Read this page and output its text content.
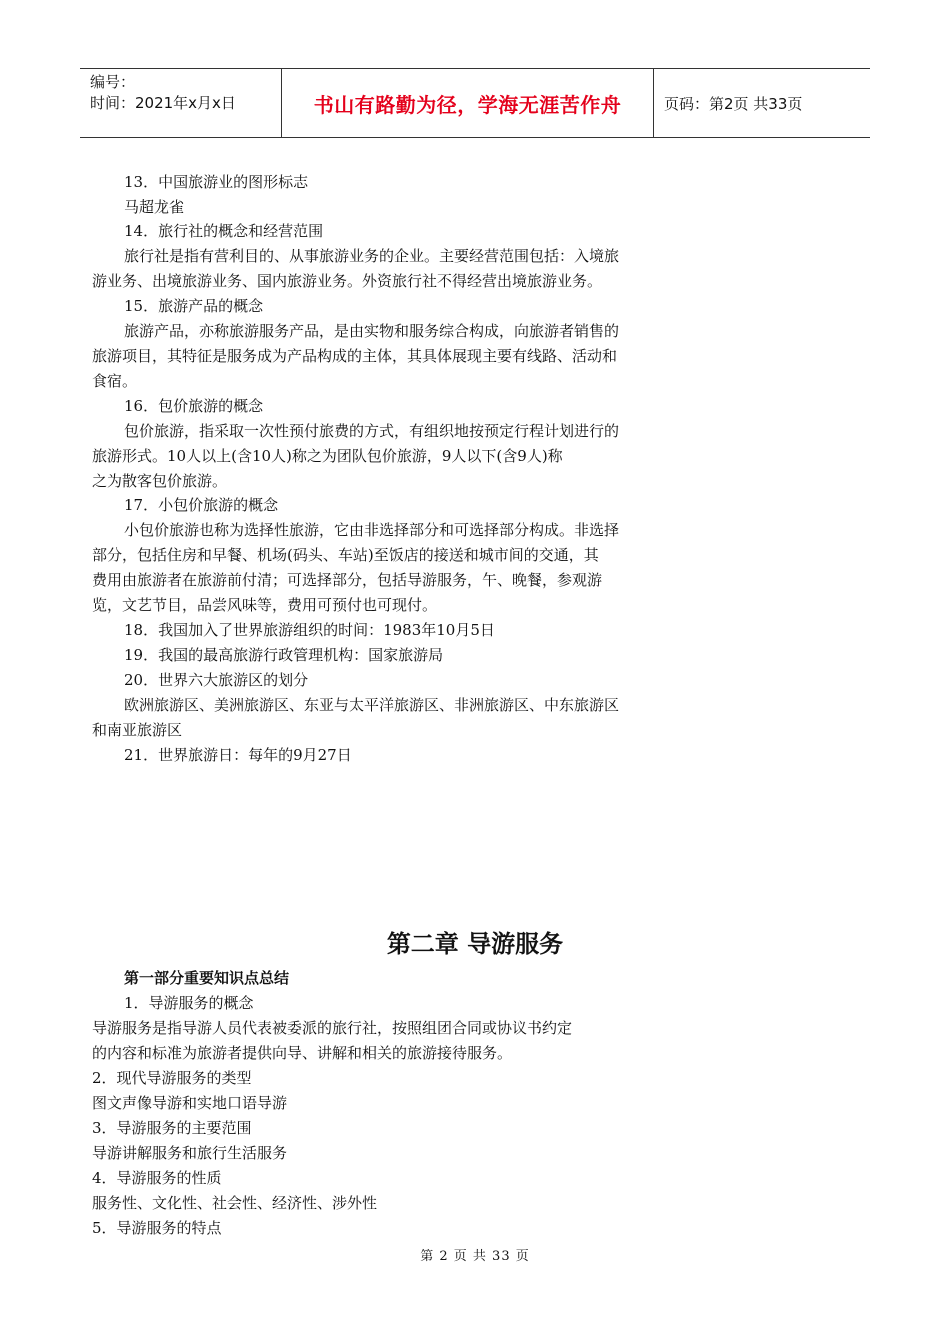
编号：
时间：2021年x月x日	书山有路勤为径，学海无涯苦作舟	页码：第2页 共33页
13．中国旅游业的图形标志
马超龙雀
14．旅行社的概念和经营范围
旅行社是指有营利目的、从事旅游业务的企业。主要经营范围包括：入境旅
游业务、出境旅游业务、国内旅游业务。外资旅行社不得经营出境旅游业务。
15．旅游产品的概念
旅游产品，亦称旅游服务产品，是由实物和服务综合构成，向旅游者销售的
旅游项目，其特征是服务成为产品构成的主体，其具体展现主要有线路、活动和
食宿。
16．包价旅游的概念
包价旅游，指采取一次性预付旅费的方式，有组织地按预定行程计划进行的
旅游形式。10人以上(含10人)称之为团队包价旅游，9人以下(含9人)称
之为散客包价旅游。
17．小包价旅游的概念
小包价旅游也称为选择性旅游，它由非选择部分和可选择部分构成。非选择
部分，包括住房和早餐、机场(码头、车站)至饭店的接送和城市间的交通，其
费用由旅游者在旅游前付清；可选择部分，包括导游服务，午、晚餐，参观游
览，文艺节目，品尝风味等，费用可预付也可现付。
18．我国加入了世界旅游组织的时间：1983年10月5日
19．我国的最高旅游行政管理机构：国家旅游局
20．世界六大旅游区的划分
欧洲旅游区、美洲旅游区、东亚与太平洋旅游区、非洲旅游区、中东旅游区
和南亚旅游区
21．世界旅游日：每年的9月27日
第二章 导游服务
第一部分重要知识点总结
1．导游服务的概念
导游服务是指导游人员代表被委派的旅行社，按照组团合同或协议书约定
的内容和标准为旅游者提供向导、讲解和相关的旅游接待服务。
2．现代导游服务的类型
图文声像导游和实地口语导游
3．导游服务的主要范围
导游讲解服务和旅行生活服务
4．导游服务的性质
服务性、文化性、社会性、经济性、涉外性
5．导游服务的特点
第 2 页 共 33 页
